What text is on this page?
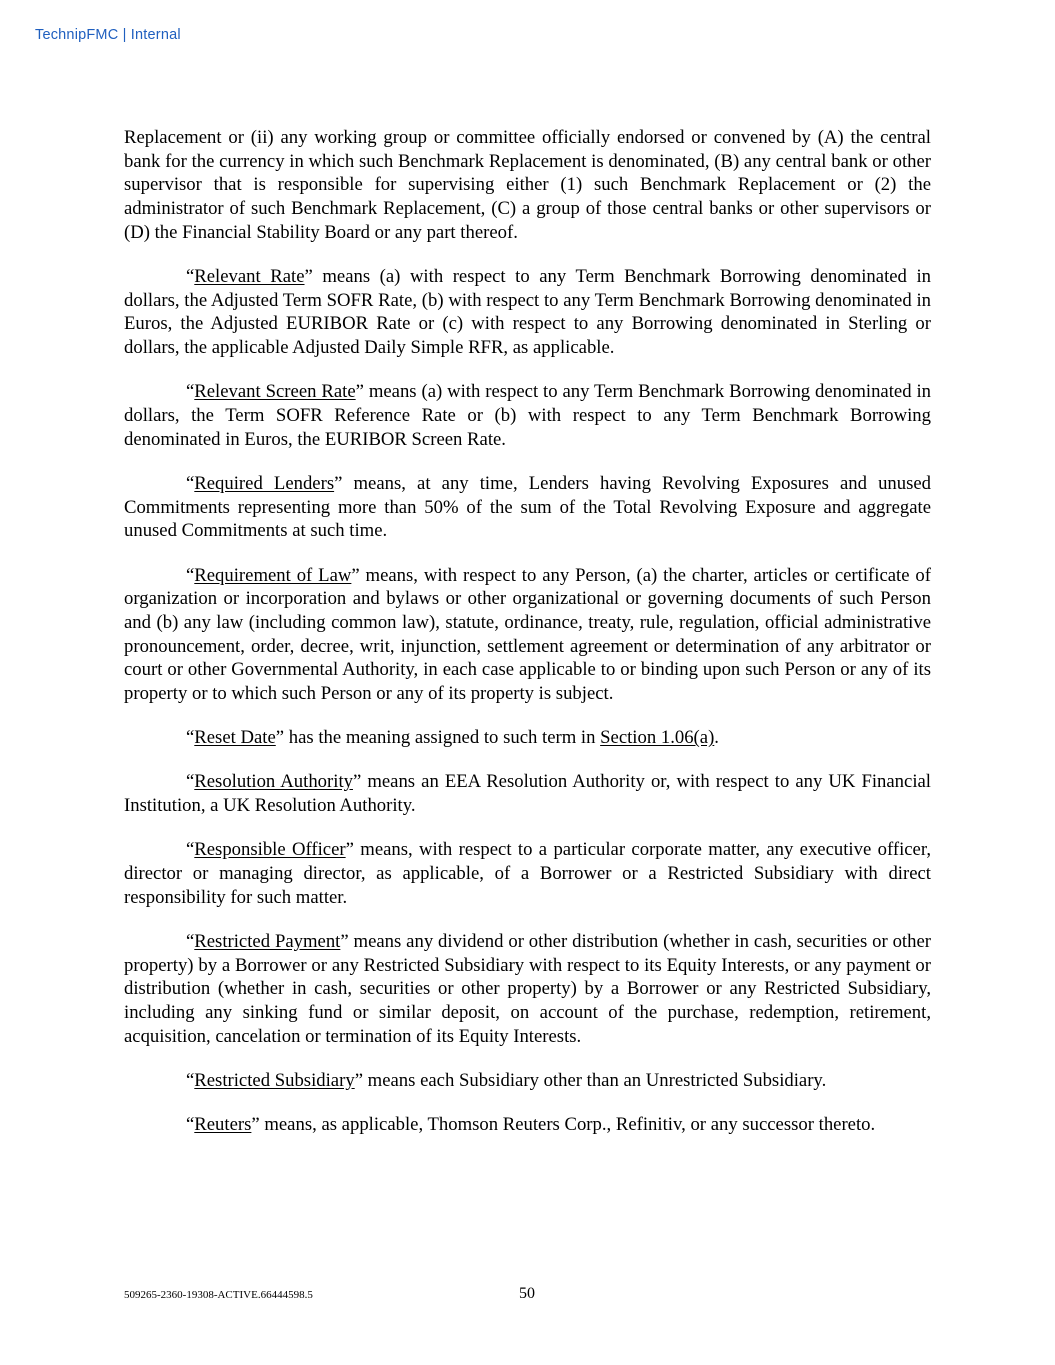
TechnipFMC | Internal

Replacement or (ii) any working group or committee officially endorsed or convened by (A) the central bank for the currency in which such Benchmark Replacement is denominated, (B) any central bank or other supervisor that is responsible for supervising either (1) such Benchmark Replacement or (2) the administrator of such Benchmark Replacement, (C) a group of those central banks or other supervisors or (D) the Financial Stability Board or any part thereof.

“Relevant Rate” means (a) with respect to any Term Benchmark Borrowing denominated in dollars, the Adjusted Term SOFR Rate, (b) with respect to any Term Benchmark Borrowing denominated in Euros, the Adjusted EURIBOR Rate or (c) with respect to any Borrowing denominated in Sterling or dollars, the applicable Adjusted Daily Simple RFR, as applicable.

“Relevant Screen Rate” means (a) with respect to any Term Benchmark Borrowing denominated in dollars, the Term SOFR Reference Rate or (b) with respect to any Term Benchmark Borrowing denominated in Euros, the EURIBOR Screen Rate.

“Required Lenders” means, at any time, Lenders having Revolving Exposures and unused Commitments representing more than 50% of the sum of the Total Revolving Exposure and aggregate unused Commitments at such time.

“Requirement of Law” means, with respect to any Person, (a) the charter, articles or certificate of organization or incorporation and bylaws or other organizational or governing documents of such Person and (b) any law (including common law), statute, ordinance, treaty, rule, regulation, official administrative pronouncement, order, decree, writ, injunction, settlement agreement or determination of any arbitrator or court or other Governmental Authority, in each case applicable to or binding upon such Person or any of its property or to which such Person or any of its property is subject.

“Reset Date” has the meaning assigned to such term in Section 1.06(a).

“Resolution Authority” means an EEA Resolution Authority or, with respect to any UK Financial Institution, a UK Resolution Authority.

“Responsible Officer” means, with respect to a particular corporate matter, any executive officer, director or managing director, as applicable, of a Borrower or a Restricted Subsidiary with direct responsibility for such matter.

“Restricted Payment” means any dividend or other distribution (whether in cash, securities or other property) by a Borrower or any Restricted Subsidiary with respect to its Equity Interests, or any payment or distribution (whether in cash, securities or other property) by a Borrower or any Restricted Subsidiary, including any sinking fund or similar deposit, on account of the purchase, redemption, retirement, acquisition, cancelation or termination of its Equity Interests.

“Restricted Subsidiary” means each Subsidiary other than an Unrestricted Subsidiary.

“Reuters” means, as applicable, Thomson Reuters Corp., Refinitiv, or any successor thereto.

509265-2360-19308-ACTIVE.66444598.5	50
